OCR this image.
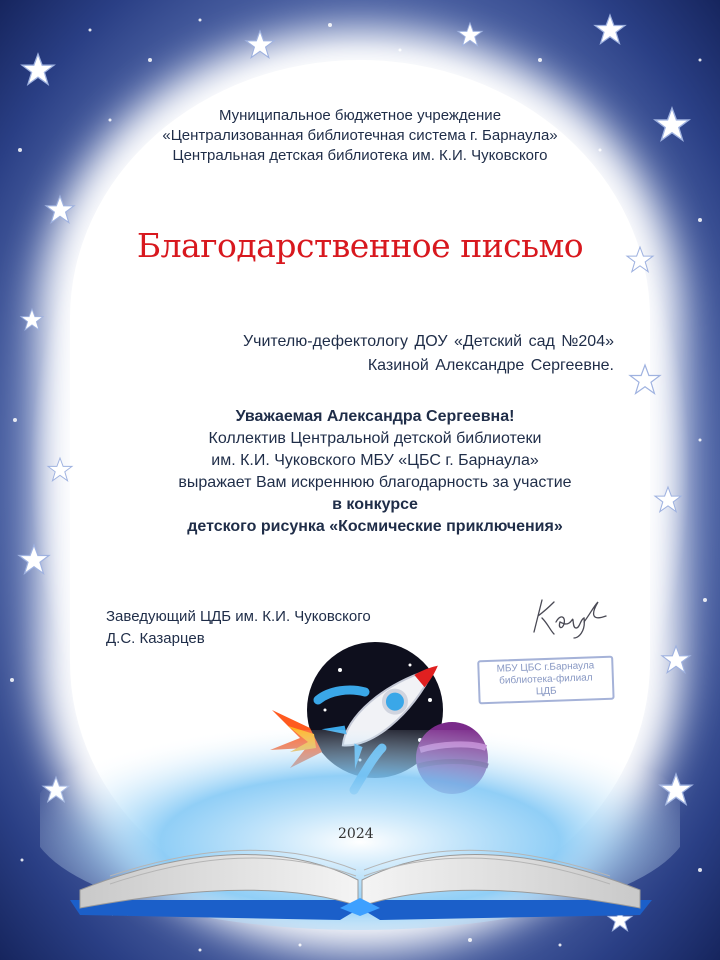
Муниципальное бюджетное учреждение
«Централизованная библиотечная система г. Барнаула»
Центральная детская библиотека им. К.И. Чуковского
Благодарственное письмо
Учителю-дефектологу ДОУ «Детский сад №204»
Казиной Александре Сергеевне.
Уважаемая Александра Сергеевна!
Коллектив Центральной детской библиотеки
им. К.И. Чуковского МБУ «ЦБС г. Барнаула»
выражает Вам искреннюю благодарность за участие
в конкурсе
детского рисунка «Космические приключения»
Заведующий ЦДБ им. К.И. Чуковского
Д.С. Казарцев
МБУ ЦБС г.Барнаула
библиотека-филиал
ЦДБ
2024
